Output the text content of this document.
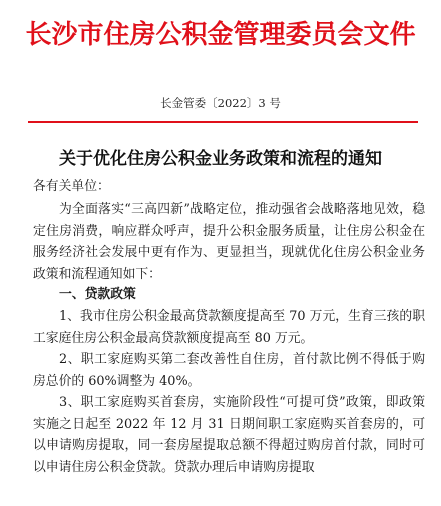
长沙市住房公积金管理委员会文件
长金管委〔2022〕3 号
关于优化住房公积金业务政策和流程的通知
各有关单位：
为全面落实“三高四新”战略定位，推动强省会战略落地见效，稳定住房消费，响应群众呼声，提升公积金服务质量，让住房公积金在服务经济社会发展中更有作为、更显担当，现就优化住房公积金业务政策和流程通知如下：
一、贷款政策
1、我市住房公积金最高贷款额度提高至 70 万元，生育三孩的职工家庭住房公积金最高贷款额度提高至 80 万元。
2、职工家庭购买第二套改善性自住房，首付款比例不得低于购房总价的 60%调整为 40%。
3、职工家庭购买首套房，实施阶段性“可提可贷”政策，即政策实施之日起至 2022 年 12 月 31 日期间职工家庭购买首套房的，可以申请购房提取，同一套房屋提取总额不得超过购房首付款，同时可以申请住房公积金贷款。贷款办理后申请购房提取
